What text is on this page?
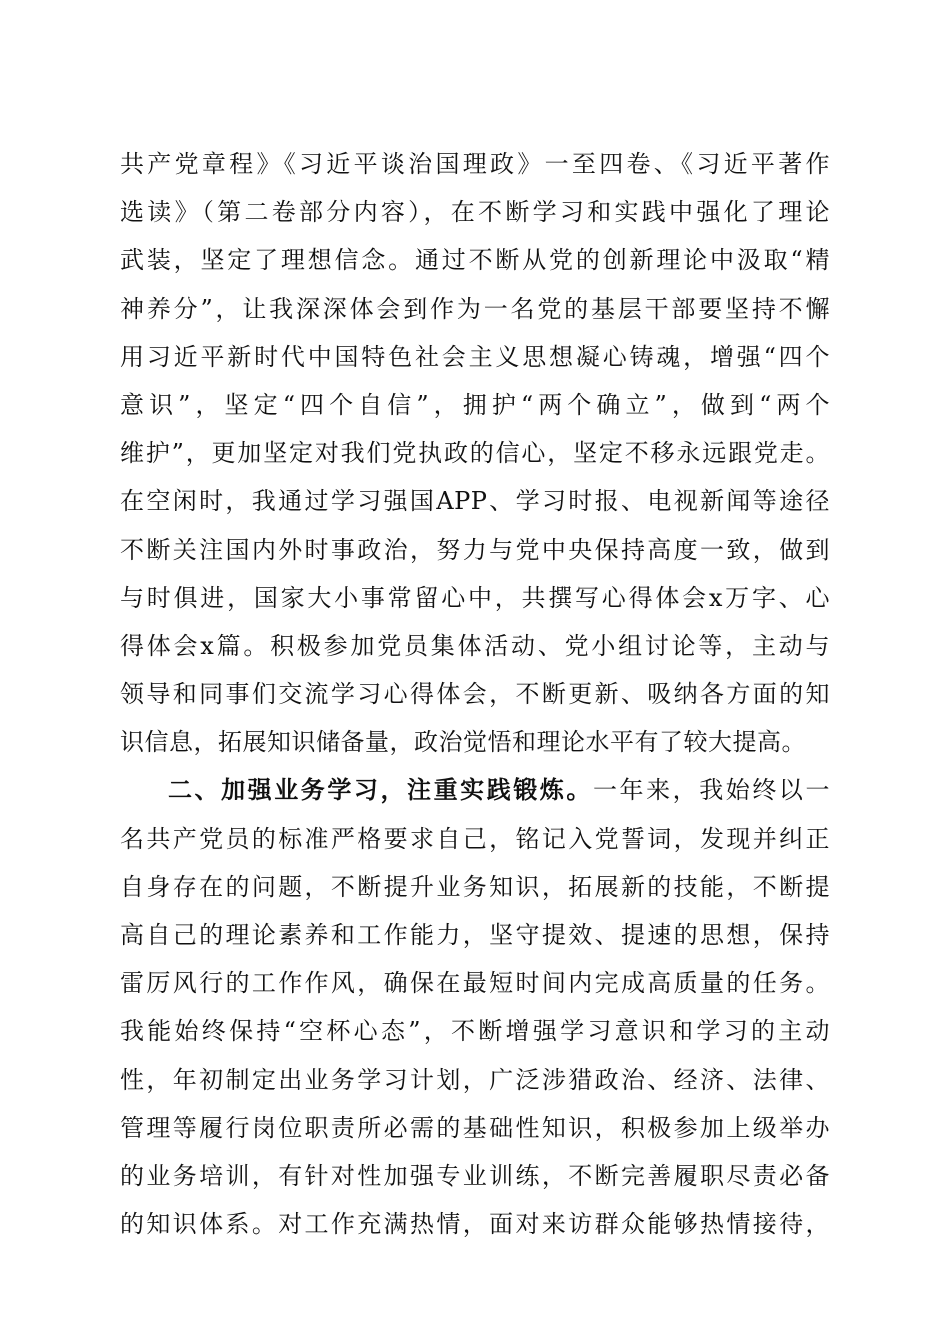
共产党章程》《习近平谈治国理政》一至四卷、《习近平著作
选读》（第二卷部分内容），在不断学习和实践中强化了理论
武装，坚定了理想信念。通过不断从党的创新理论中汲取“精
神养分”，让我深深体会到作为一名党的基层干部要坚持不懈
用习近平新时代中国特色社会主义思想凝心铸魂，增强“四个
意识”，坚定“四个自信”，拥护“两个确立”，做到“两个
维护”，更加坚定对我们党执政的信心，坚定不移永远跟党走。
在空闲时，我通过学习强国APP、学习时报、电视新闻等途径
不断关注国内外时事政治，努力与党中央保持高度一致，做到
与时俱进，国家大小事常留心中，共撰写心得体会x万字、心
得体会x篇。积极参加党员集体活动、党小组讨论等，主动与
领导和同事们交流学习心得体会，不断更新、吸纳各方面的知
识信息，拓展知识储备量，政治觉悟和理论水平有了较大提高。
二、加强业务学习，注重实践锻炼。一年来，我始终以一
名共产党员的标准严格要求自己，铭记入党誓词，发现并纠正
自身存在的问题，不断提升业务知识，拓展新的技能，不断提
高自己的理论素养和工作能力，坚守提效、提速的思想，保持
雷厉风行的工作作风，确保在最短时间内完成高质量的任务。
我能始终保持“空杯心态”，不断增强学习意识和学习的主动
性，年初制定出业务学习计划，广泛涉猎政治、经济、法律、
管理等履行岗位职责所必需的基础性知识，积极参加上级举办
的业务培训，有针对性加强专业训练，不断完善履职尽责必备
的知识体系。对工作充满热情，面对来访群众能够热情接待，
